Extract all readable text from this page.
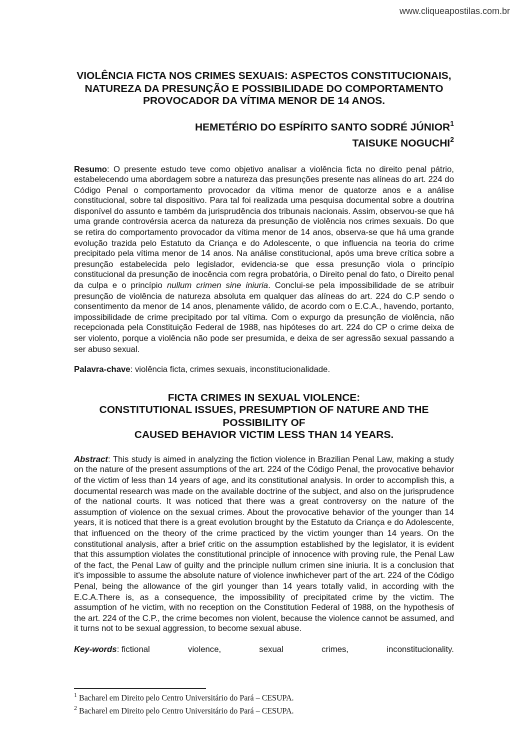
www.cliqueapostilas.com.br
VIOLÊNCIA FICTA NOS CRIMES SEXUAIS: ASPECTOS CONSTITUCIONAIS,
NATUREZA DA PRESUNÇÃO E POSSIBILIDADE DO COMPORTAMENTO
PROVOCADOR DA VÍTIMA MENOR DE 14 ANOS.
HEMETÉRIO DO ESPÍRITO SANTO SODRÉ JÚNIOR$^1$
TAISUKE NOGUCHI$^2$
Resumo: O presente estudo teve como objetivo analisar a violência ficta no direito penal pátrio, estabelecendo uma abordagem sobre a natureza das presunções presente nas alíneas do art. 224 do Código Penal o comportamento provocador da vítima menor de quatorze anos e a análise constitucional, sobre tal dispositivo. Para tal foi realizada uma pesquisa documental sobre a doutrina disponível do assunto e também da jurisprudência dos tribunais nacionais. Assim, observou-se que há uma grande controvérsia acerca da natureza da presunção de violência nos crimes sexuais. Do que se retira do comportamento provocador da vítima menor de 14 anos, observa-se que há uma grande evolução trazida pelo Estatuto da Criança e do Adolescente, o que influencia na teoria do crime precipitado pela vítima menor de 14 anos. Na análise constitucional, após uma breve crítica sobre a presunção estabelecida pelo legislador, evidencia-se que essa presunção viola o princípio constitucional da presunção de inocência com regra probatória, o Direito penal do fato, o Direito penal da culpa e o princípio nullum crimen sine iniuria. Conclui-se pela impossibilidade de se atribuir presunção de violência de natureza absoluta em qualquer das alíneas do art. 224 do C.P sendo o consentimento da menor de 14 anos, plenamente válido, de acordo com o E.C.A., havendo, portanto, impossibilidade de crime precipitado por tal vítima. Com o expurgo da presunção de violência, não recepcionada pela Constituição Federal de 1988, nas hipóteses do art. 224 do CP o crime deixa de ser violento, porque a violência não pode ser presumida, e deixa de ser agressão sexual passando a ser abuso sexual.
Palavra-chave: violência ficta, crimes sexuais, inconstitucionalidade.
FICTA CRIMES IN SEXUAL VIOLENCE:
CONSTITUTIONAL ISSUES, PRESUMPTION OF NATURE AND THE
POSSIBILITY OF
CAUSED BEHAVIOR VICTIM LESS THAN 14 YEARS.
Abstract: This study is aimed in analyzing the fiction violence in Brazilian Penal Law, making a study on the nature of the present assumptions of the art. 224 of the Código Penal, the provocative behavior of the victim of less than 14 years of age, and its constitutional analysis. In order to accomplish this, a documental research was made on the available doctrine of the subject, and also on the jurisprudence of the national courts. It was noticed that there was a great controversy on the nature of the assumption of violence on the sexual crimes. About the provocative behavior of the younger than 14 years, it is noticed that there is a great evolution brought by the Estatuto da Criança e do Adolescente, that influenced on the theory of the crime practiced by the victim younger than 14 years. On the constitutional analysis, after a brief critic on the assumption established by the legislator, it is evident that this assumption violates the constitutional principle of innocence with proving rule, the Penal Law of the fact, the Penal Law of guilty and the principle nullum crimen sine iniuria. It is a conclusion that it's impossible to assume the absolute nature of violence inwhichever part of the art. 224 of the Código Penal, being the allowance of the girl younger than 14 years totally valid, in according with the E.C.A.There is, as a consequence, the impossibility of precipitated crime by the victim. The assumption of he victim, with no reception on the Constitution Federal of 1988, on the hypothesis of the art. 224 of the C.P., the crime becomes non violent, because the violence cannot be assumed, and it turns not to be sexual aggression, to become sexual abuse.
Key-words: fictional	violence,	sexual	crimes,	inconstitucionality.
$^1$ Bacharel em Direito pelo Centro Universitário do Pará – CESUPA.
$^2$ Bacharel em Direito pelo Centro Universitário do Pará – CESUPA.
